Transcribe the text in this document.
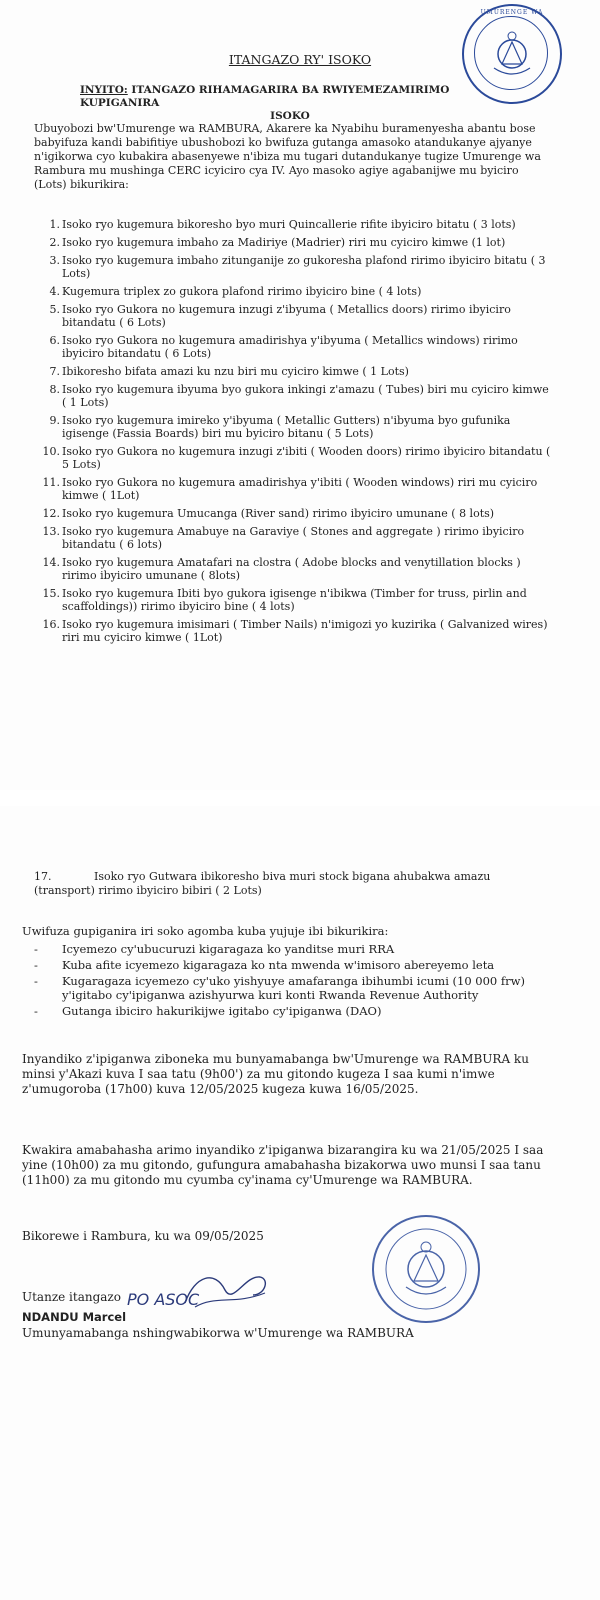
UMURENGE WA
ITANGAZO RY' ISOKO
INYITO: ITANGAZO RIHAMAGARIRA BA RWIYEMEZAMIRIMO KUPIGANIRA
ISOKO
Ubuyobozi bw'Umurenge wa RAMBURA, Akarere ka Nyabihu buramenyesha abantu bose babyifuza kandi babifitiye ubushobozi ko bwifuza gutanga amasoko atandukanye ajyanye n'igikorwa cyo kubakira abasenyewe n'ibiza mu tugari dutandukanye tugize Umurenge wa Rambura mu mushinga CERC icyiciro cya IV. Ayo masoko agiye agabanijwe mu byiciro (Lots) bikurikira:
1. Isoko ryo kugemura bikoresho byo muri Quincallerie rifite ibyiciro bitatu ( 3 lots)
2. Isoko ryo kugemura imbaho za Madiriye (Madrier) riri mu cyiciro kimwe (1 lot)
3. Isoko ryo kugemura imbaho zitunganije zo gukoresha plafond ririmo ibyiciro bitatu ( 3 Lots)
4. Kugemura triplex zo gukora plafond ririmo ibyiciro bine ( 4 lots)
5. Isoko ryo Gukora no kugemura inzugi z'ibyuma ( Metallics doors) ririmo ibyiciro bitandatu ( 6 Lots)
6. Isoko ryo Gukora no kugemura amadirishya y'ibyuma ( Metallics windows) ririmo ibyiciro bitandatu ( 6 Lots)
7. Ibikoresho bifata amazi ku nzu biri mu cyiciro kimwe ( 1 Lots)
8. Isoko ryo kugemura ibyuma byo gukora inkingi z'amazu ( Tubes) biri mu cyiciro kimwe ( 1 Lots)
9. Isoko ryo kugemura imireko y'ibyuma ( Metallic Gutters) n'ibyuma byo gufunika igisenge (Fassia Boards) biri mu byiciro bitanu ( 5 Lots)
10. Isoko ryo Gukora no kugemura inzugi z'ibiti ( Wooden doors) ririmo ibyiciro bitandatu ( 5 Lots)
11. Isoko ryo Gukora no kugemura amadirishya y'ibiti ( Wooden windows) riri mu cyiciro kimwe ( 1Lot)
12. Isoko ryo kugemura Umucanga (River sand) ririmo ibyiciro umunane ( 8 lots)
13. Isoko ryo kugemura Amabuye na Garaviye ( Stones and aggregate ) ririmo ibyiciro bitandatu ( 6 lots)
14. Isoko ryo kugemura Amatafari na clostra ( Adobe blocks and venytillation blocks ) ririmo ibyiciro umunane ( 8lots)
15. Isoko ryo kugemura Ibiti byo gukora igisenge n'ibikwa (Timber for truss, pirlin and scaffoldings)) ririmo ibyiciro bine ( 4 lots)
16. Isoko ryo kugemura imisimari ( Timber Nails) n'imigozi yo kuzirika ( Galvanized wires) riri mu cyiciro kimwe ( 1Lot)
17.	Isoko ryo Gutwara ibikoresho biva muri stock bigana ahubakwa amazu (transport) ririmo ibyiciro bibiri ( 2 Lots)
Uwifuza gupiganira iri soko agomba kuba yujuje ibi bikurikira:
- Icyemezo cy'ubucuruzi kigaragaza ko yanditse muri RRA
- Kuba afite icyemezo kigaragaza ko nta mwenda w'imisoro abereyemo leta
- Kugaragaza icyemezo cy'uko yishyuye amafaranga ibihumbi icumi (10 000 frw) y'igitabo cy'ipiganwa azishyurwa kuri konti Rwanda Revenue Authority
- Gutanga ibiciro hakurikijwe igitabo cy'ipiganwa (DAO)
Inyandiko z'ipiganwa ziboneka mu bunyamabanga bw'Umurenge wa RAMBURA ku minsi y'Akazi kuva I saa tatu (9h00') za mu gitondo kugeza I saa kumi n'imwe z'umugoroba (17h00) kuva 12/05/2025 kugeza kuwa 16/05/2025.
Kwakira amabahasha arimo inyandiko z'ipiganwa bizarangira ku wa 21/05/2025 I saa yine (10h00) za mu gitondo, gufungura amabahasha bizakorwa uwo munsi I saa tanu (11h00) za mu gitondo mu cyumba cy'inama cy'Umurenge wa RAMBURA.
Bikorewe i Rambura, ku wa 09/05/2025
Utanze itangazo PO ASOC
NDANDU Marcel
Umunyamabanga nshingwabikorwa w'Umurenge wa RAMBURA
